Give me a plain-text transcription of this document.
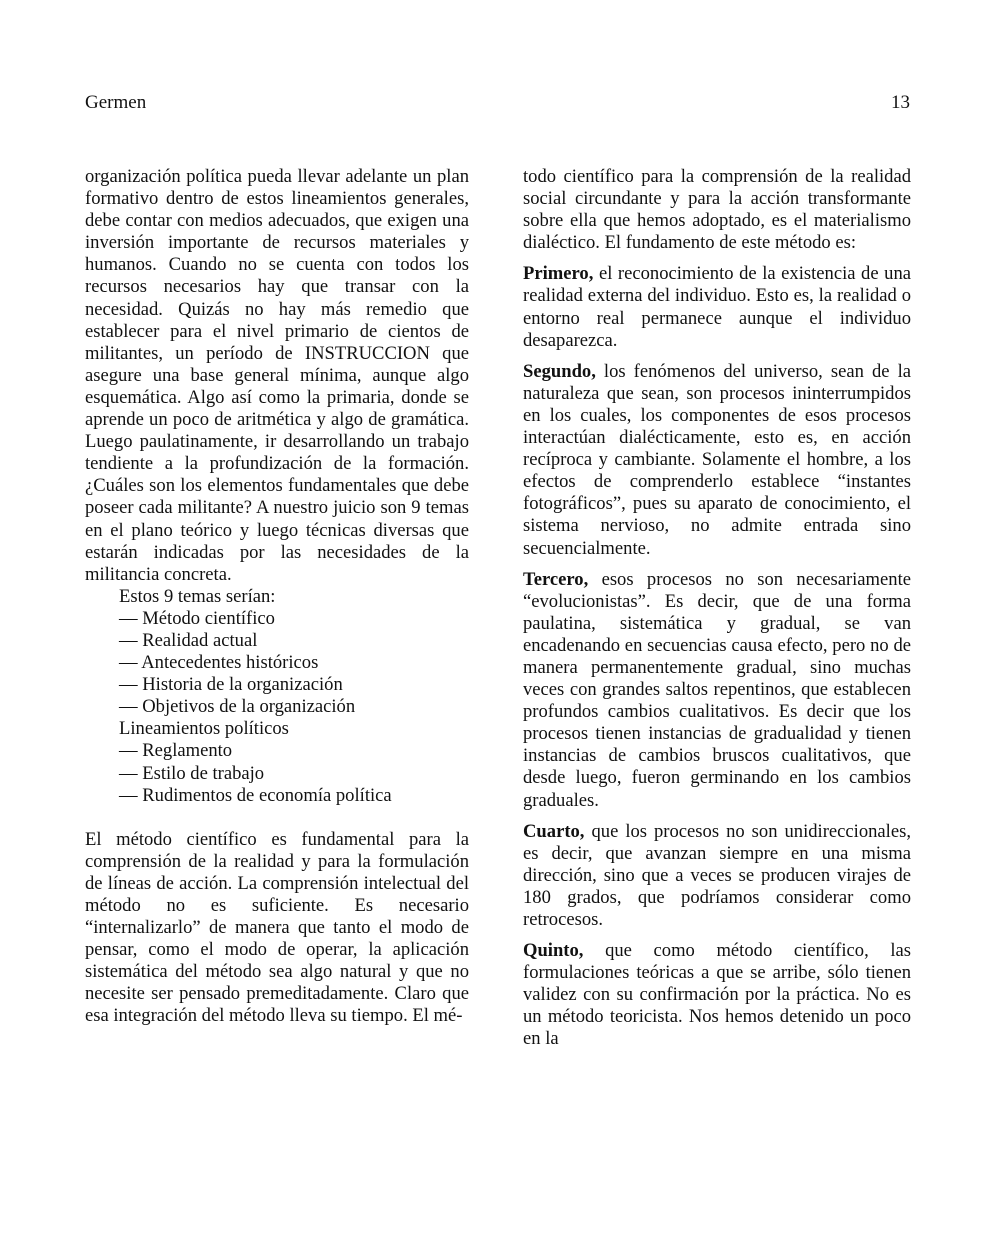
Germen	13

organización política pueda llevar adelante un plan formativo dentro de estos lineamientos generales, debe contar con medios adecuados, que exigen una inversión importante de recursos materiales y humanos. Cuando no se cuenta con todos los recursos necesarios hay que transar con la necesidad. Quizás no hay más remedio que establecer para el nivel primario de cientos de militantes, un período de INSTRUCCION que asegure una base general mínima, aunque algo esquemática. Algo así como la primaria, donde se aprende un poco de aritmética y algo de gramática. Luego paulatinamente, ir desarrollando un trabajo tendiente a la profundización de la formación. ¿Cuáles son los elementos fundamentales que debe poseer cada militante? A nuestro juicio son 9 temas en el plano teórico y luego técnicas diversas que estarán indicadas por las necesidades de la militancia concreta.

Estos 9 temas serían:

— Método científico
— Realidad actual
— Antecedentes históricos
— Historia de la organización
— Objetivos de la organización
Lineamientos políticos
— Reglamento
— Estilo de trabajo
— Rudimentos de economía política

El método científico es fundamental para la comprensión de la realidad y para la formulación de líneas de acción. La comprensión intelectual del método no es suficiente. Es necesario “internalizarlo” de manera que tanto el modo de pensar, como el modo de operar, la aplicación sistemática del método sea algo natural y que no necesite ser pensado premeditadamente. Claro que esa integración del método lleva su tiempo. El mé-

todo científico para la comprensión de la realidad social circundante y para la acción transformante sobre ella que hemos adoptado, es el materialismo dialéctico. El fundamento de este método es:

Primero, el reconocimiento de la existencia de una realidad externa del individuo. Esto es, la realidad o entorno real permanece aunque el individuo desaparezca.

Segundo, los fenómenos del universo, sean de la naturaleza que sean, son procesos ininterrumpidos en los cuales, los componentes de esos procesos interactúan dialécticamente, esto es, en acción recíproca y cambiante. Solamente el hombre, a los efectos de comprenderlo establece “instantes fotográficos”, pues su aparato de conocimiento, el sistema nervioso, no admite entrada sino secuencialmente.

Tercero, esos procesos no son necesariamente “evolucionistas”. Es decir, que de una forma paulatina, sistemática y gradual, se van encadenando en secuencias causa efecto, pero no de manera permanentemente gradual, sino muchas veces con grandes saltos repentinos, que establecen profundos cambios cualitativos. Es decir que los procesos tienen instancias de gradualidad y tienen instancias de cambios bruscos cualitativos, que desde luego, fueron germinando en los cambios graduales.

Cuarto, que los procesos no son unidireccionales, es decir, que avanzan siempre en una misma dirección, sino que a veces se producen virajes de 180 grados, que podríamos considerar como retrocesos.

Quinto, que como método científico, las formulaciones teóricas a que se arribe, sólo tienen validez con su confirmación por la práctica. No es un método teoricista. Nos hemos detenido un poco en la
